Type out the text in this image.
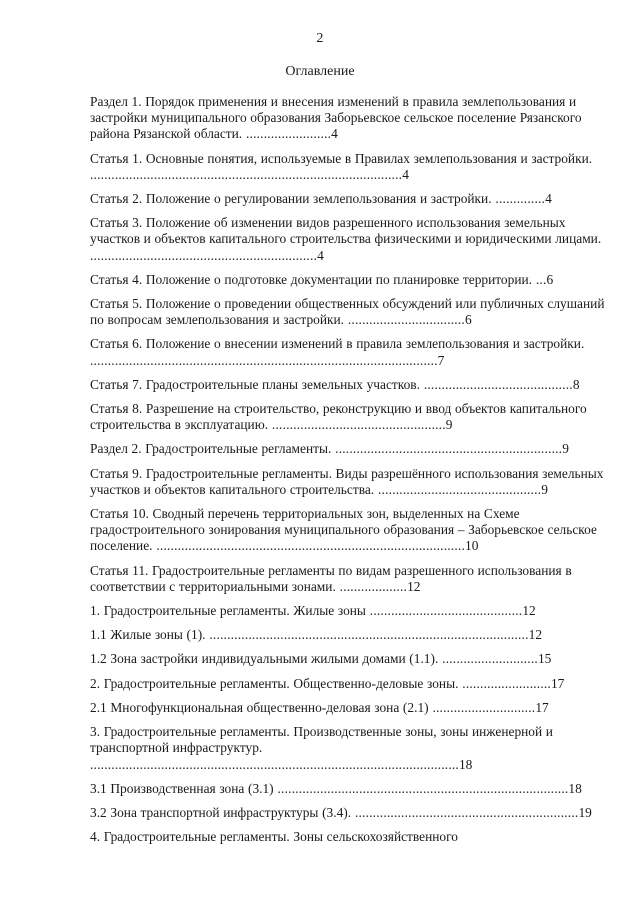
2
Оглавление
Раздел 1. Порядок применения и внесения изменений в правила землепользования и застройки муниципального образования Заборьевское сельское поселение Рязанского района Рязанской области. ........................4
Статья 1. Основные понятия, используемые в Правилах землепользования и застройки. ........................................................................................4
Статья 2. Положение о регулировании землепользования и застройки. ..............4
Статья 3. Положение об изменении видов разрешенного использования земельных участков и объектов капитального строительства физическими и юридическими лицами. ................................................................4
Статья 4. Положение о подготовке документации по планировке территории. ...6
Статья 5. Положение о проведении общественных обсуждений или публичных слушаний по вопросам землепользования и застройки. .................................6
Статья 6. Положение о внесении изменений в правила землепользования и застройки. ..................................................................................................7
Статья 7. Градостроительные планы земельных участков. ..........................................8
Статья 8. Разрешение на строительство, реконструкцию и ввод объектов капитального строительства в эксплуатацию. .................................................9
Раздел 2. Градостроительные регламенты. ................................................................9
Статья 9. Градостроительные регламенты. Виды разрешённого использования земельных участков и объектов капитального строительства. ..............................................9
Статья 10. Сводный перечень территориальных зон, выделенных на Схеме градостроительного зонирования муниципального образования – Заборьевское сельское поселение. .......................................................................................10
Статья 11. Градостроительные регламенты по видам разрешенного использования в соответствии с территориальными зонами. ...................12
1. Градостроительные регламенты. Жилые зоны ...........................................12
1.1 Жилые зоны (1). ..........................................................................................12
1.2 Зона застройки индивидуальными жилыми домами (1.1). ...........................15
2. Градостроительные регламенты. Общественно-деловые зоны. .........................17
2.1 Многофункциональная общественно-деловая зона (2.1) .............................17
3. Градостроительные регламенты. Производственные зоны, зоны инженерной и транспортной инфраструктур. ........................................................................................................18
3.1 Производственная зона (3.1) ..................................................................................18
3.2 Зона транспортной инфраструктуры (3.4). ...............................................................19
4. Градостроительные регламенты. Зоны сельскохозяйственного
